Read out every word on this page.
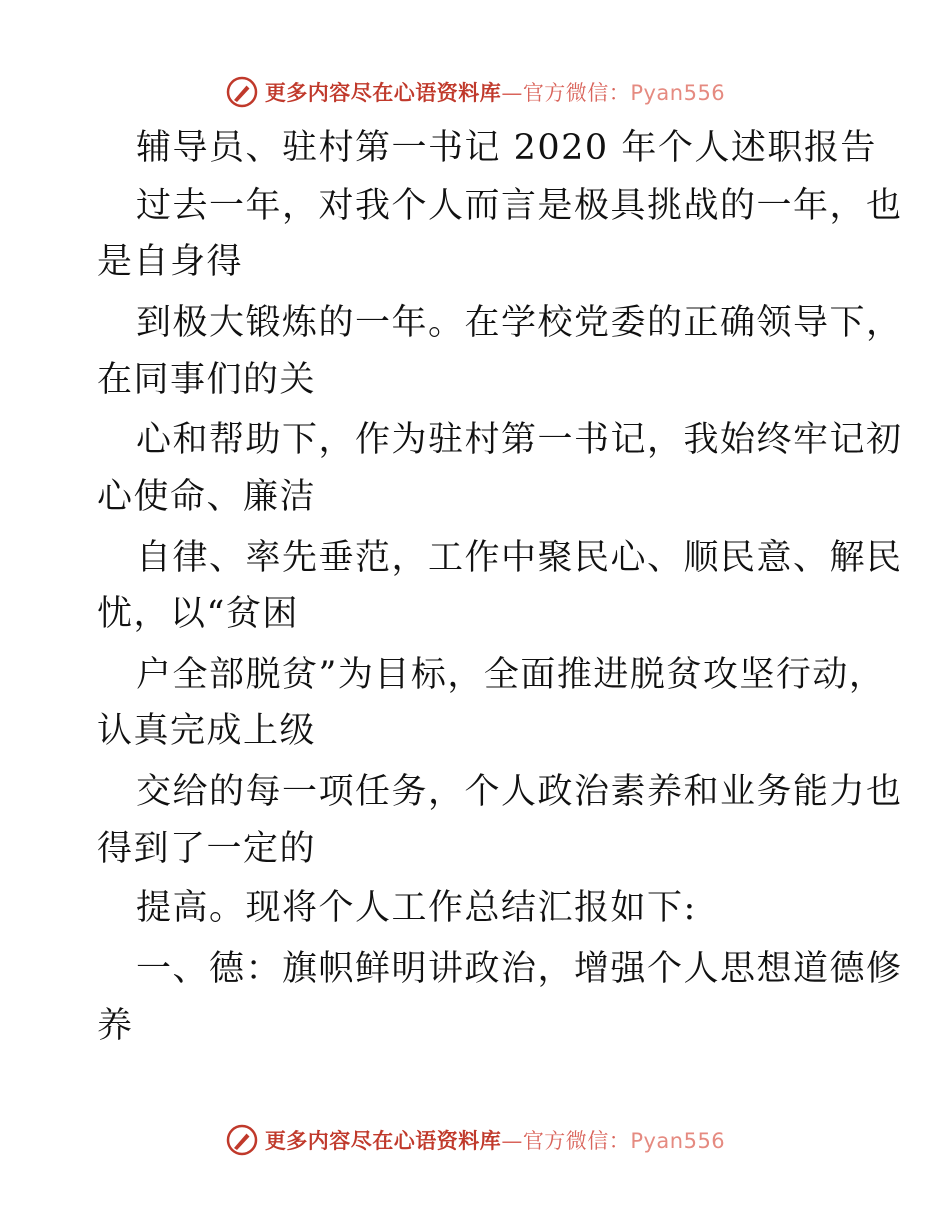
更多内容尽在心语资料库—官方微信：Pyan556
辅导员、驻村第一书记 2020 年个人述职报告
过去一年，对我个人而言是极具挑战的一年，也
是自身得
到极大锻炼的一年。在学校党委的正确领导下，
在同事们的关
心和帮助下，作为驻村第一书记，我始终牢记初
心使命、廉洁
自律、率先垂范，工作中聚民心、顺民意、解民
忧，以“贫困
户全部脱贫”为目标，全面推进脱贫攻坚行动，
认真完成上级
交给的每一项任务，个人政治素养和业务能力也
得到了一定的
提高。现将个人工作总结汇报如下:
一、德：旗帜鲜明讲政治，增强个人思想道德修
养
更多内容尽在心语资料库—官方微信：Pyan556
